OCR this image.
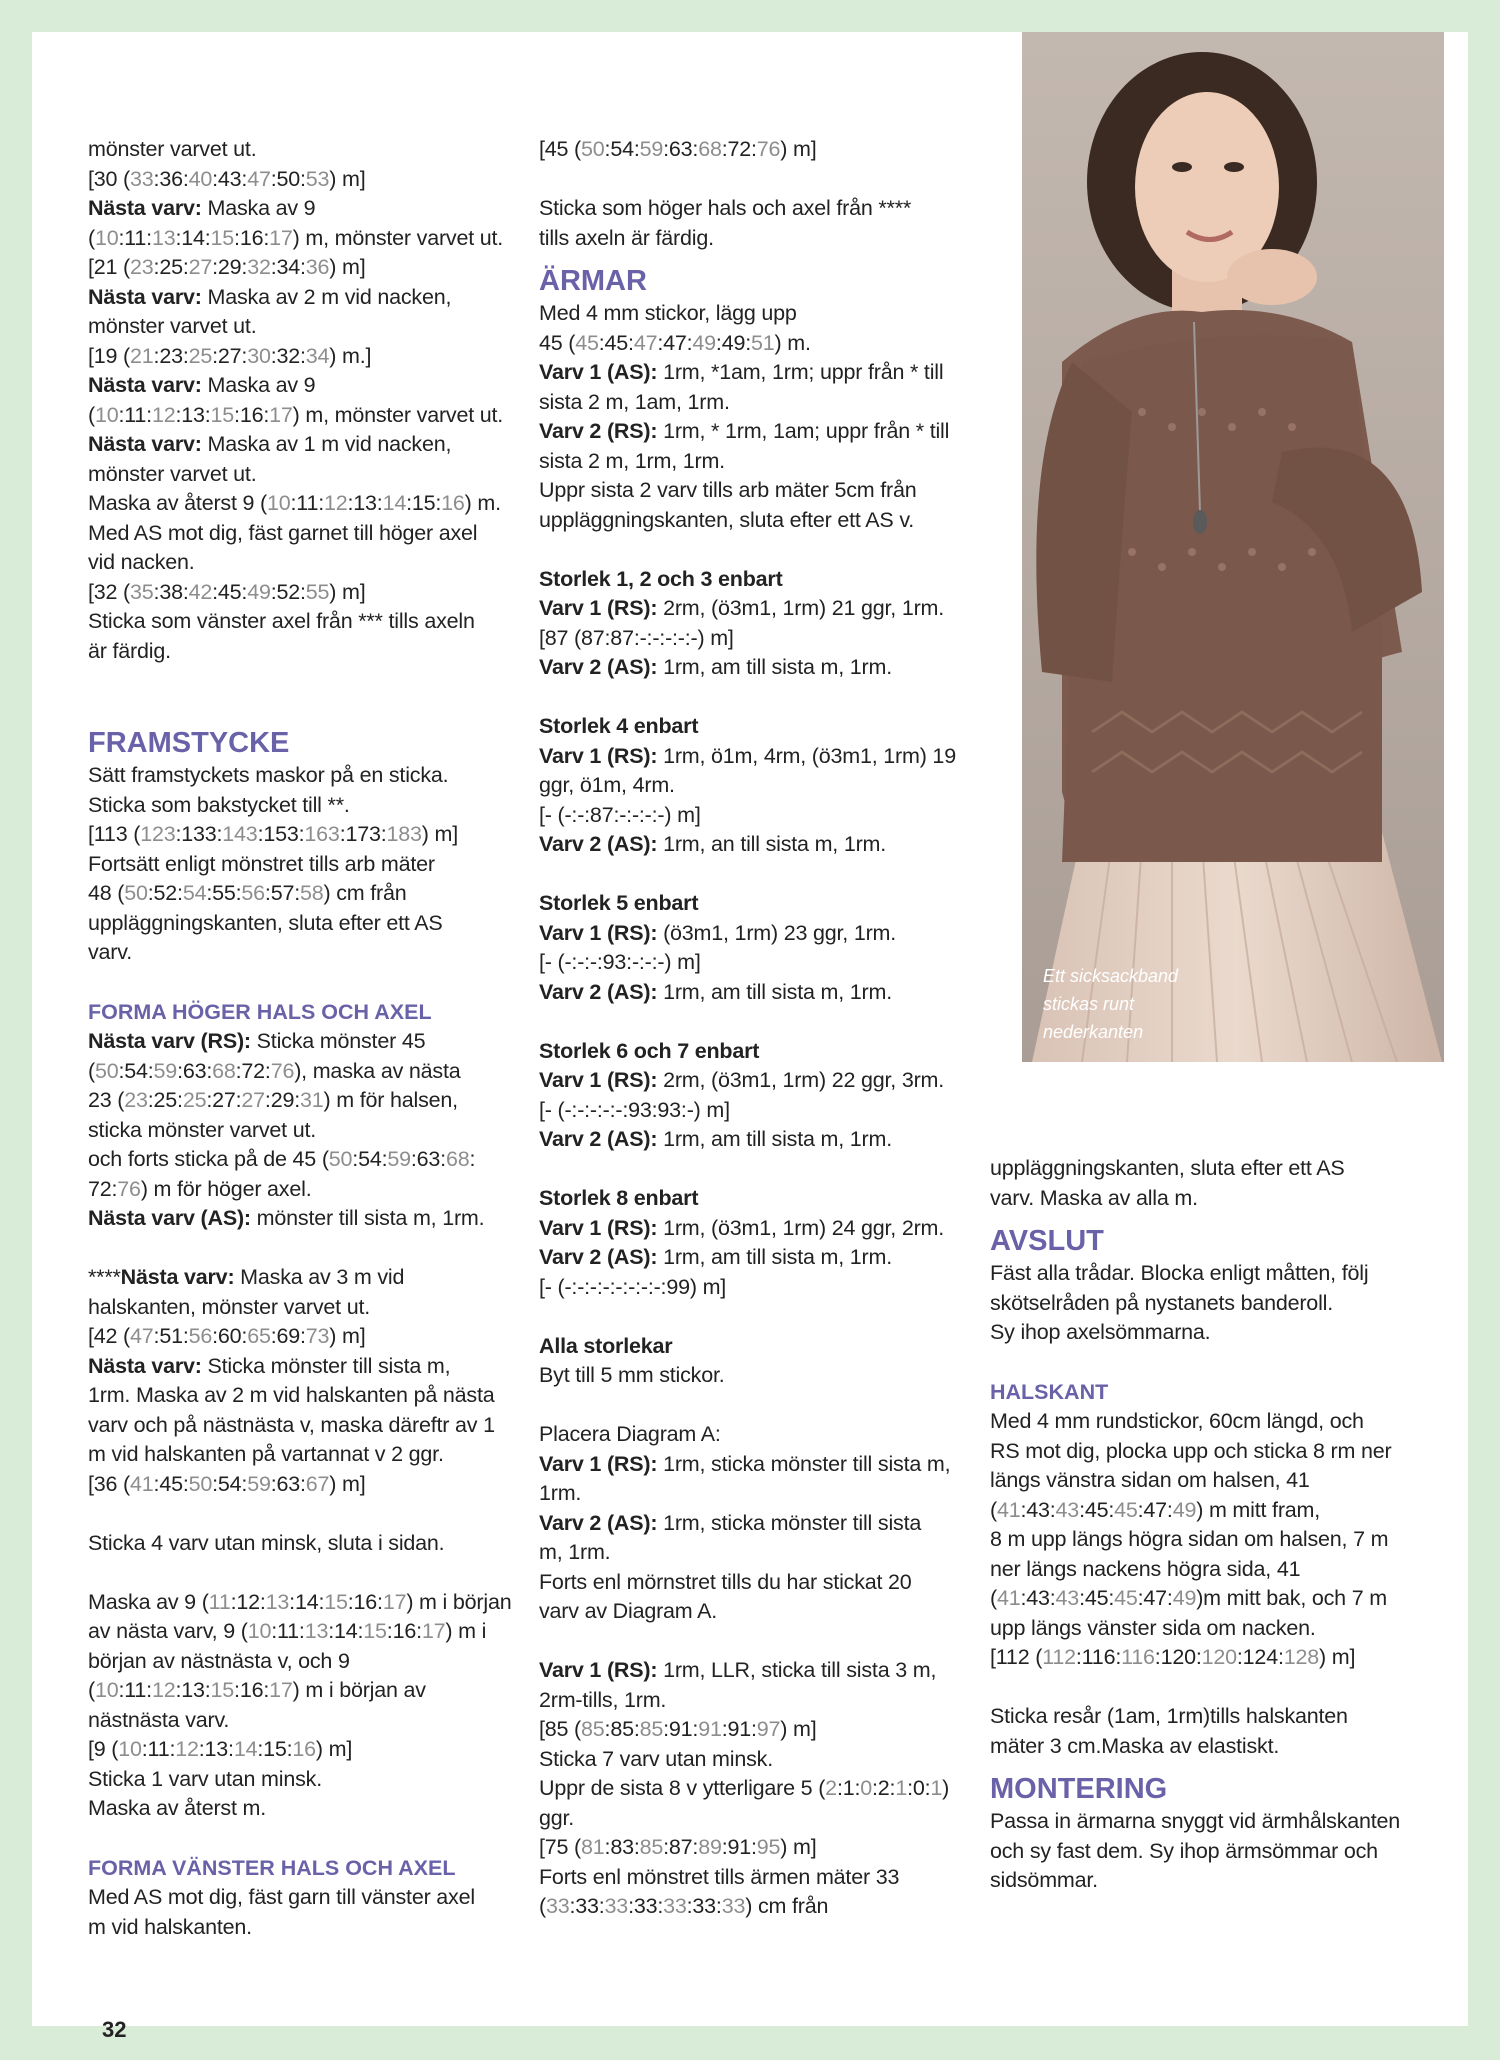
mönster varvet ut.
[30 (33:36:40:43:47:50:53) m]
Nästa varv: Maska av 9
(10:11:13:14:15:16:17) m, mönster varvet ut.
[21 (23:25:27:29:32:34:36) m]
Nästa varv: Maska av 2 m vid nacken,
mönster varvet ut.
[19 (21:23:25:27:30:32:34) m.]
Nästa varv: Maska av 9
(10:11:12:13:15:16:17) m, mönster varvet ut.
Nästa varv: Maska av 1 m vid nacken,
mönster varvet ut.
Maska av återst 9 (10:11:12:13:14:15:16) m.
Med AS mot dig, fäst garnet till höger axel
vid nacken.
[32 (35:38:42:45:49:52:55) m]
Sticka som vänster axel från *** tills axeln
är färdig.
FRAMSTYCKE
Sätt framstyckets maskor på en sticka.
Sticka som bakstycket till **.
[113 (123:133:143:153:163:173:183) m]
Fortsätt enligt mönstret tills arb mäter
48 (50:52:54:55:56:57:58) cm från
uppläggningskanten, sluta efter ett AS
varv.
FORMA HÖGER HALS OCH AXEL
Nästa varv (RS): Sticka mönster 45
(50:54:59:63:68:72:76), maska av nästa
23 (23:25:25:27:27:29:31) m för halsen,
sticka mönster varvet ut.
och forts sticka på de 45 (50:54:59:63:68:
72:76) m för höger axel.
Nästa varv (AS): mönster till sista m, 1rm.
****Nästa varv: Maska av 3 m vid
halskanten, mönster varvet ut.
[42 (47:51:56:60:65:69:73) m]
Nästa varv: Sticka mönster till sista m,
1rm. Maska av 2 m vid halskanten på nästa
varv och på nästnästa v, maska däreftr av 1
m vid halskanten på vartannat v 2 ggr.
[36 (41:45:50:54:59:63:67) m]
Sticka 4 varv utan minsk, sluta i sidan.
Maska av 9 (11:12:13:14:15:16:17) m i början
av nästa varv, 9 (10:11:13:14:15:16:17) m i
början av nästnästa v, och 9
(10:11:12:13:15:16:17) m i början av
nästnästa varv.
[9 (10:11:12:13:14:15:16) m]
Sticka 1 varv utan minsk.
Maska av återst m.
FORMA VÄNSTER HALS OCH AXEL
Med AS mot dig, fäst garn till vänster axel
m vid halskanten.
[45 (50:54:59:63:68:72:76) m]
Sticka som höger hals och axel från ****
tills axeln är färdig.
ÄRMAR
Med 4 mm stickor, lägg upp
45 (45:45:47:47:49:49:51) m.
Varv 1 (AS): 1rm, *1am, 1rm; uppr från * till
sista 2 m, 1am, 1rm.
Varv 2 (RS): 1rm, * 1rm, 1am; uppr från * till
sista 2 m, 1rm, 1rm.
Uppr sista 2 varv tills arb mäter 5cm från
uppläggningskanten, sluta efter ett AS v.
Storlek 1, 2 och 3 enbart
Varv 1 (RS): 2rm, (ö3m1, 1rm) 21 ggr, 1rm.
[87 (87:87:-:-:-:-:-) m]
Varv 2 (AS): 1rm, am till sista m, 1rm.
Storlek 4 enbart
Varv 1 (RS): 1rm, ö1m, 4rm, (ö3m1, 1rm) 19
ggr, ö1m, 4rm.
[- (-:-:87:-:-:-:-) m]
Varv 2 (AS): 1rm, an till sista m, 1rm.
Storlek 5 enbart
Varv 1 (RS): (ö3m1, 1rm) 23 ggr, 1rm.
[- (-:-:-:93:-:-:-) m]
Varv 2 (AS): 1rm, am till sista m, 1rm.
Storlek 6 och 7 enbart
Varv 1 (RS): 2rm, (ö3m1, 1rm) 22 ggr, 3rm.
[- (-:-:-:-:-:93:93:-) m]
Varv 2 (AS): 1rm, am till sista m, 1rm.
Storlek 8 enbart
Varv 1 (RS): 1rm, (ö3m1, 1rm) 24 ggr, 2rm.
Varv 2 (AS): 1rm, am till sista m, 1rm.
[- (-:-:-:-:-:-:-:-:99) m]
Alla storlekar
Byt till 5 mm stickor.
Placera Diagram A:
Varv 1 (RS): 1rm, sticka mönster till sista m,
1rm.
Varv 2 (AS): 1rm, sticka mönster till sista
m, 1rm.
Forts enl mörnstret tills du har stickat 20
varv av Diagram A.
Varv 1 (RS): 1rm, LLR, sticka till sista 3 m,
2rm-tills, 1rm.
[85 (85:85:85:91:91:91:97) m]
Sticka 7 varv utan minsk.
Uppr de sista 8 v ytterligare 5 (2:1:0:2:1:0:1)
ggr.
[75 (81:83:85:87:89:91:95) m]
Forts enl mönstret tills ärmen mäter 33
(33:33:33:33:33:33:33) cm från
uppläggningskanten, sluta efter ett AS
varv. Maska av alla m.
AVSLUT
Fäst alla trådar. Blocka enligt måtten, följ
skötselråden på nystanets banderoll.
Sy ihop axelsömmarna.
HALSKANT
Med 4 mm rundstickor, 60cm längd, och
RS mot dig, plocka upp och sticka 8 rm ner
längs vänstra sidan om halsen, 41
(41:43:43:45:45:47:49) m mitt fram,
8 m upp längs högra sidan om halsen, 7 m
ner längs nackens högra sida, 41
(41:43:43:45:45:47:49)m mitt bak, och 7 m
upp längs vänster sida om nacken.
[112 (112:116:116:120:120:124:128) m]
Sticka resår (1am, 1rm)tills halskanten
mäter 3 cm.Maska av elastiskt.
MONTERING
Passa in ärmarna snyggt vid ärmhålskanten
och sy fast dem. Sy ihop ärmsömmar och
sidsömmar.
Ett sicksackband
stickas runt
nederkanten
32
